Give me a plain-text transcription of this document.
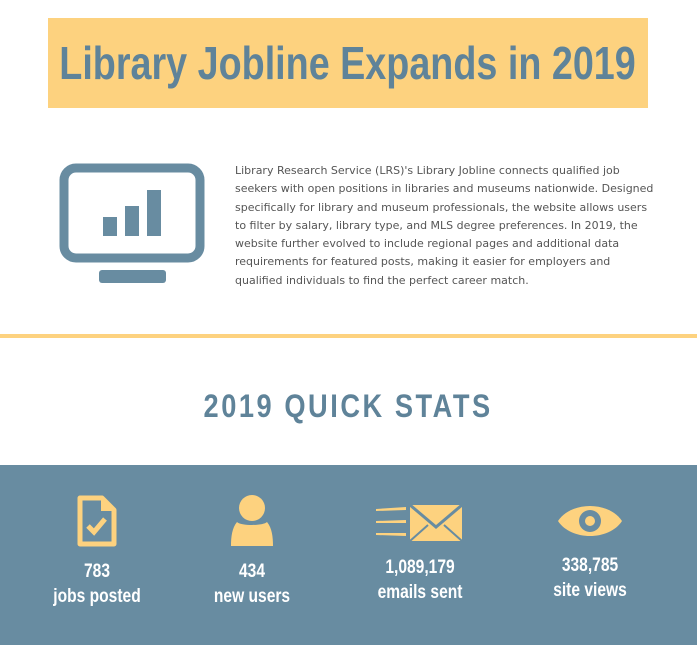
Library Jobline Expands in 2019

Library Research Service (LRS)'s Library Jobline connects qualified job seekers with open positions in libraries and museums nationwide. Designed specifically for library and museum professionals, the website allows users to filter by salary, library type, and MLS degree preferences. In 2019, the website further evolved to include regional pages and additional data requirements for featured posts, making it easier for employers and qualified individuals to find the perfect career match.

2019 QUICK STATS
783
jobs posted
434
new users
1,089,179
emails sent
338,785
site views
